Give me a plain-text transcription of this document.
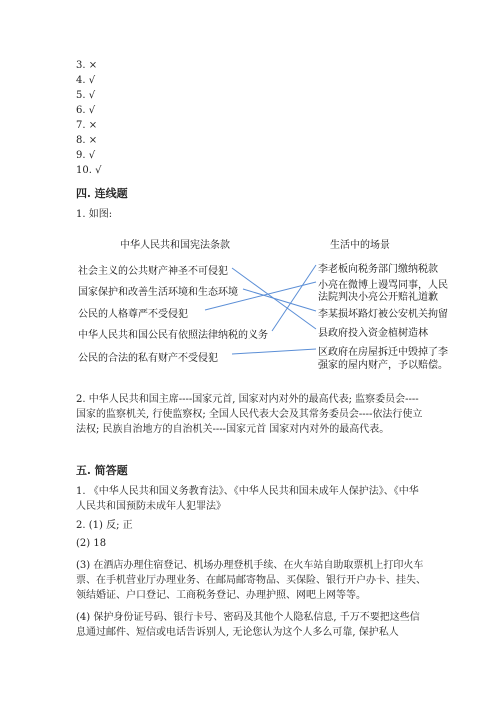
3. ×
4. √
5. √
6. √
7. ×
8. ×
9. √
10. √
四. 连线题
1. 如图:
中华人民共和国宪法条款	生活中的场景
社会主义的公共财产神圣不可侵犯
国家保护和改善生活环境和生态环境
公民的人格尊严不受侵犯
中华人民共和国公民有依照法律纳税的义务
公民的合法的私有财产不受侵犯
李老板向税务部门缴纳税款
小亮在微博上谩骂同事，人民
法院判决小亮公开赔礼道歉
李某损坏路灯被公安机关拘留
县政府投入资金植树造林
区政府在房屋拆迁中毁掉了李
强家的屋内财产，予以赔偿。
2. 中华人民共和国主席----国家元首, 国家对内对外的最高代表; 监察委员会----国家的监察机关, 行使监察权; 全国人民代表大会及其常务委员会----依法行使立法权; 民族自治地方的自治机关----国家元首 国家对内对外的最高代表。
五. 简答题
1. 《中华人民共和国义务教育法》、《中华人民共和国未成年人保护法》、《中华人民共和国预防未成年人犯罪法》
2. (1) 反; 正
(2) 18
(3) 在酒店办理住宿登记、机场办理登机手续、在火车站自助取票机上打印火车票、在手机营业厅办理业务、在邮局邮寄物品、买保险、银行开户办卡、挂失、领结婚证、户口登记、工商税务登记、办理护照、网吧上网等等。
(4) 保护身份证号码、银行卡号、密码及其他个人隐私信息, 千万不要把这些信息通过邮件、短信或电话告诉别人, 无论您认为这个人多么可靠, 保护私人
